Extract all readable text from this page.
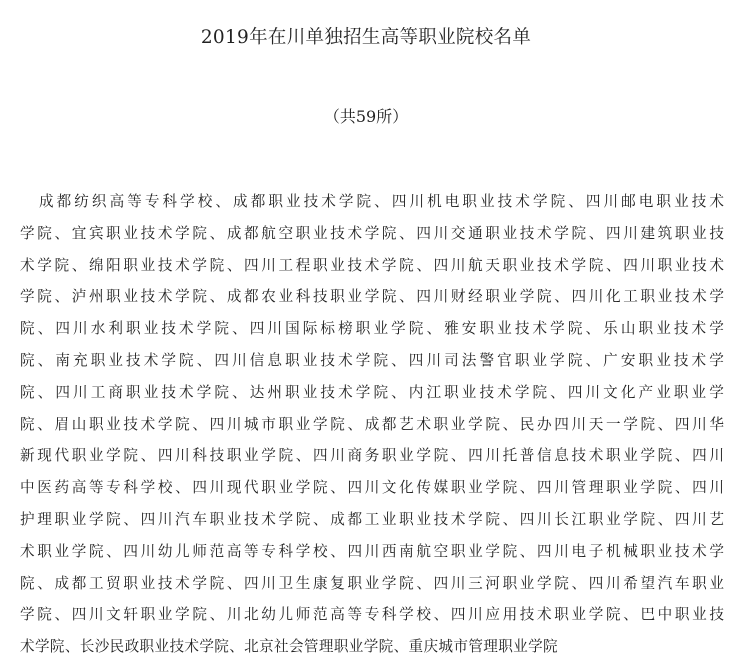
2019年在川单独招生高等职业院校名单
（共59所）
成 都 纺 织 高 等 专 科 学 校 、 成 都 职 业 技 术 学 院 、 四 川 机 电 职 业 技 术 学 院 、 四 川 邮 电 职 业 技 术
学 院 、 宜 宾 职 业 技 术 学 院 、 成 都 航 空 职 业 技 术 学 院 、 四 川 交 通 职 业 技 术 学 院 、 四 川 建 筑 职 业 技
术 学 院 、 绵 阳 职 业 技 术 学 院 、 四 川 工 程 职 业 技 术 学 院 、 四 川 航 天 职 业 技 术 学 院 、 四 川 职 业 技 术
学 院 、 泸 州 职 业 技 术 学 院 、 成 都 农 业 科 技 职 业 学 院 、 四 川 财 经 职 业 学 院 、 四 川 化 工 职 业 技 术 学
院 、 四 川 水 利 职 业 技 术 学 院 、 四 川 国 际 标 榜 职 业 学 院 、 雅 安 职 业 技 术 学 院 、 乐 山 职 业 技 术 学
院 、 南 充 职 业 技 术 学 院 、 四 川 信 息 职 业 技 术 学 院 、 四 川 司 法 警 官 职 业 学 院 、 广 安 职 业 技 术 学
院 、 四 川 工 商 职 业 技 术 学 院 、 达 州 职 业 技 术 学 院 、 内 江 职 业 技 术 学 院 、 四 川 文 化 产 业 职 业 学
院 、 眉 山 职 业 技 术 学 院 、 四 川 城 市 职 业 学 院 、 成 都 艺 术 职 业 学 院 、 民 办 四 川 天 一 学 院 、 四 川 华
新 现 代 职 业 学 院 、 四 川 科 技 职 业 学 院 、 四 川 商 务 职 业 学 院 、 四 川 托 普 信 息 技 术 职 业 学 院 、 四 川
中 医 药 高 等 专 科 学 校 、 四 川 现 代 职 业 学 院 、 四 川 文 化 传 媒 职 业 学 院 、 四 川 管 理 职 业 学 院 、 四 川
护 理 职 业 学 院 、 四 川 汽 车 职 业 技 术 学 院 、 成 都 工 业 职 业 技 术 学 院 、 四 川 长 江 职 业 学 院 、 四 川 艺
术 职 业 学 院 、 四 川 幼 儿 师 范 高 等 专 科 学 校 、 四 川 西 南 航 空 职 业 学 院 、 四 川 电 子 机 械 职 业 技 术 学
院 、 成 都 工 贸 职 业 技 术 学 院 、 四 川 卫 生 康 复 职 业 学 院 、 四 川 三 河 职 业 学 院 、 四 川 希 望 汽 车 职 业
学 院 、 四 川 文 轩 职 业 学 院 、 川 北 幼 儿 师 范 高 等 专 科 学 校 、 四 川 应 用 技 术 职 业 学 院 、 巴 中 职 业 技
术学院、长沙民政职业技术学院、北京社会管理职业学院、重庆城市管理职业学院
